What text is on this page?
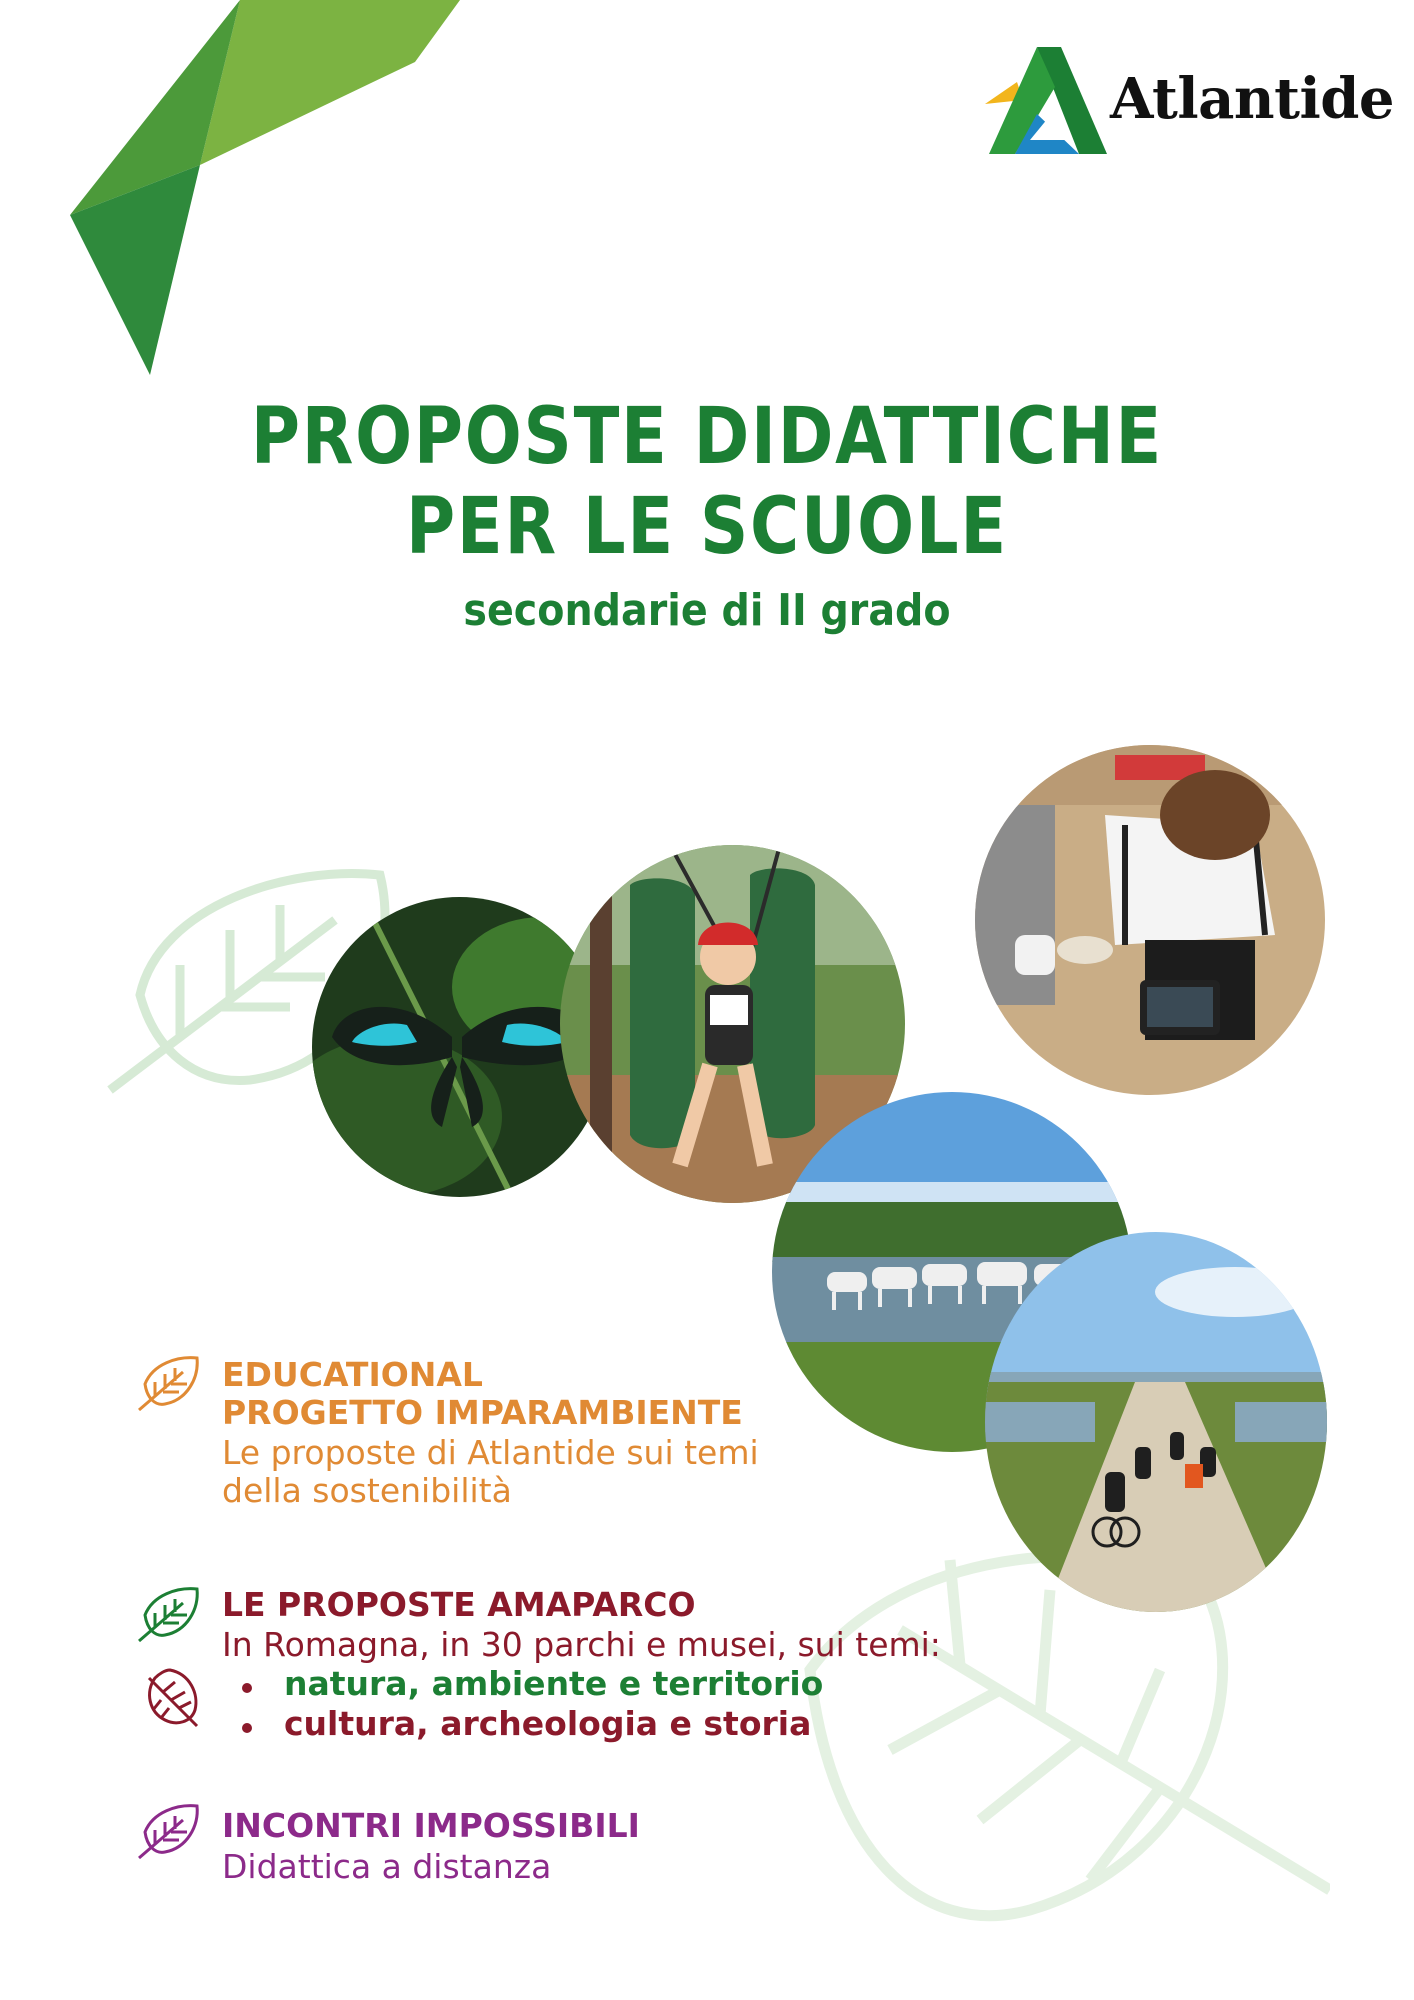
Atlantide
PROPOSTE DIDATTICHE
PER LE SCUOLE
secondarie di II grado
EDUCATIONAL
PROGETTO IMPARAMBIENTE
Le proposte di Atlantide sui temi
della sostenibilità
LE PROPOSTE AMAPARCO
In Romagna, in 30 parchi e musei, sui temi:
natura, ambiente e territorio
cultura, archeologia e storia
INCONTRI IMPOSSIBILI
Didattica a distanza
